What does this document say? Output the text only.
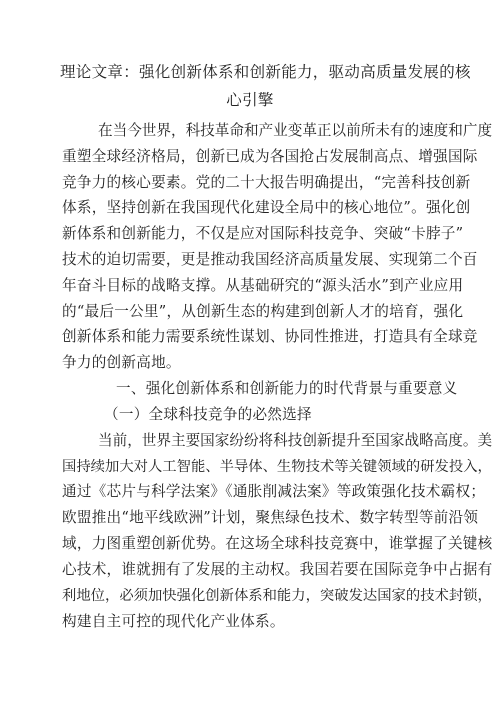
理论文章：强化创新体系和创新能力，驱动高质量发展的核
心引擎
在当今世界，科技革命和产业变革正以前所未有的速度和广度
重塑全球经济格局，创新已成为各国抢占发展制高点、增强国际
竞争力的核心要素。党的二十大报告明确提出，“完善科技创新
体系，坚持创新在我国现代化建设全局中的核心地位”。强化创
新体系和创新能力，不仅是应对国际科技竞争、突破“卡脖子”
技术的迫切需要，更是推动我国经济高质量发展、实现第二个百
年奋斗目标的战略支撑。从基础研究的“源头活水”到产业应用
的“最后一公里”，从创新生态的构建到创新人才的培育，强化
创新体系和能力需要系统性谋划、协同性推进，打造具有全球竞
争力的创新高地。
一、强化创新体系和创新能力的时代背景与重要意义
（一）全球科技竞争的必然选择
当前，世界主要国家纷纷将科技创新提升至国家战略高度。美
国持续加大对人工智能、半导体、生物技术等关键领域的研发投入，
通过《芯片与科学法案》《通胀削减法案》等政策强化技术霸权；
欧盟推出“地平线欧洲”计划，聚焦绿色技术、数字转型等前沿领
域，力图重塑创新优势。在这场全球科技竞赛中，谁掌握了关键核
心技术，谁就拥有了发展的主动权。我国若要在国际竞争中占据有
利地位，必须加快强化创新体系和能力，突破发达国家的技术封锁，
构建自主可控的现代化产业体系。
